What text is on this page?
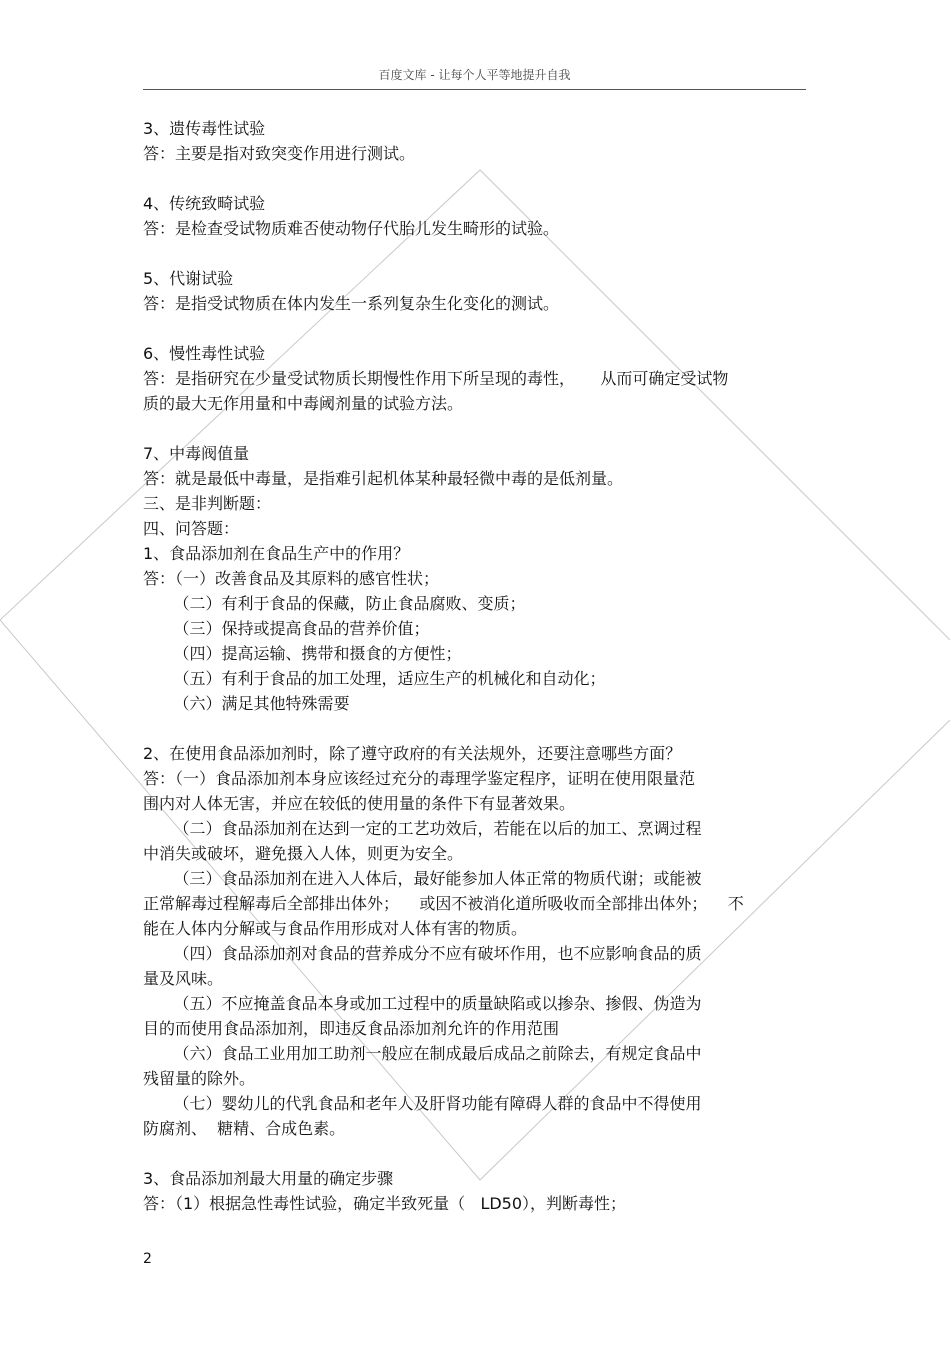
百度文库 - 让每个人平等地提升自我
3、遗传毒性试验
答：主要是指对致突变作用进行测试。
4、传统致畸试验
答：是检查受试物质难否使动物仔代胎儿发生畸形的试验。
5、代谢试验
答：是指受试物质在体内发生一系列复杂生化变化的测试。
6、慢性毒性试验
答：是指研究在少量受试物质长期慢性作用下所呈现的毒性，     从而可确定受试物
质的最大无作用量和中毒阈剂量的试验方法。
7、中毒阀值量
答：就是最低中毒量，是指难引起机体某种最轻微中毒的是低剂量。
三、是非判断题：
四、问答题：
1、食品添加剂在食品生产中的作用？
答：（一）改善食品及其原料的感官性状；
（二）有利于食品的保藏，防止食品腐败、变质；
（三）保持或提高食品的营养价值；
（四）提高运输、携带和摄食的方便性；
（五）有利于食品的加工处理，适应生产的机械化和自动化；
（六）满足其他特殊需要
2、在使用食品添加剂时，除了遵守政府的有关法规外，还要注意哪些方面？
答：（一）食品添加剂本身应该经过充分的毒理学鉴定程序，证明在使用限量范
围内对人体无害，并应在较低的使用量的条件下有显著效果。
（二）食品添加剂在达到一定的工艺功效后，若能在以后的加工、烹调过程
中消失或破坏，避免摄入人体，则更为安全。
（三）食品添加剂在进入人体后，最好能参加人体正常的物质代谢；或能被
正常解毒过程解毒后全部排出体外；    或因不被消化道所吸收而全部排出体外；    不
能在人体内分解或与食品作用形成对人体有害的物质。
（四）食品添加剂对食品的营养成分不应有破坏作用，也不应影响食品的质
量及风味。
（五）不应掩盖食品本身或加工过程中的质量缺陷或以掺杂、掺假、伪造为
目的而使用食品添加剂，即违反食品添加剂允许的作用范围
（六）食品工业用加工助剂一般应在制成最后成品之前除去，有规定食品中
残留量的除外。
（七）婴幼儿的代乳食品和老年人及肝肾功能有障碍人群的食品中不得使用
防腐剂、  糖精、合成色素。
3、食品添加剂最大用量的确定步骤
答：（1）根据急性毒性试验，确定半致死量（   LD50），判断毒性；
2
